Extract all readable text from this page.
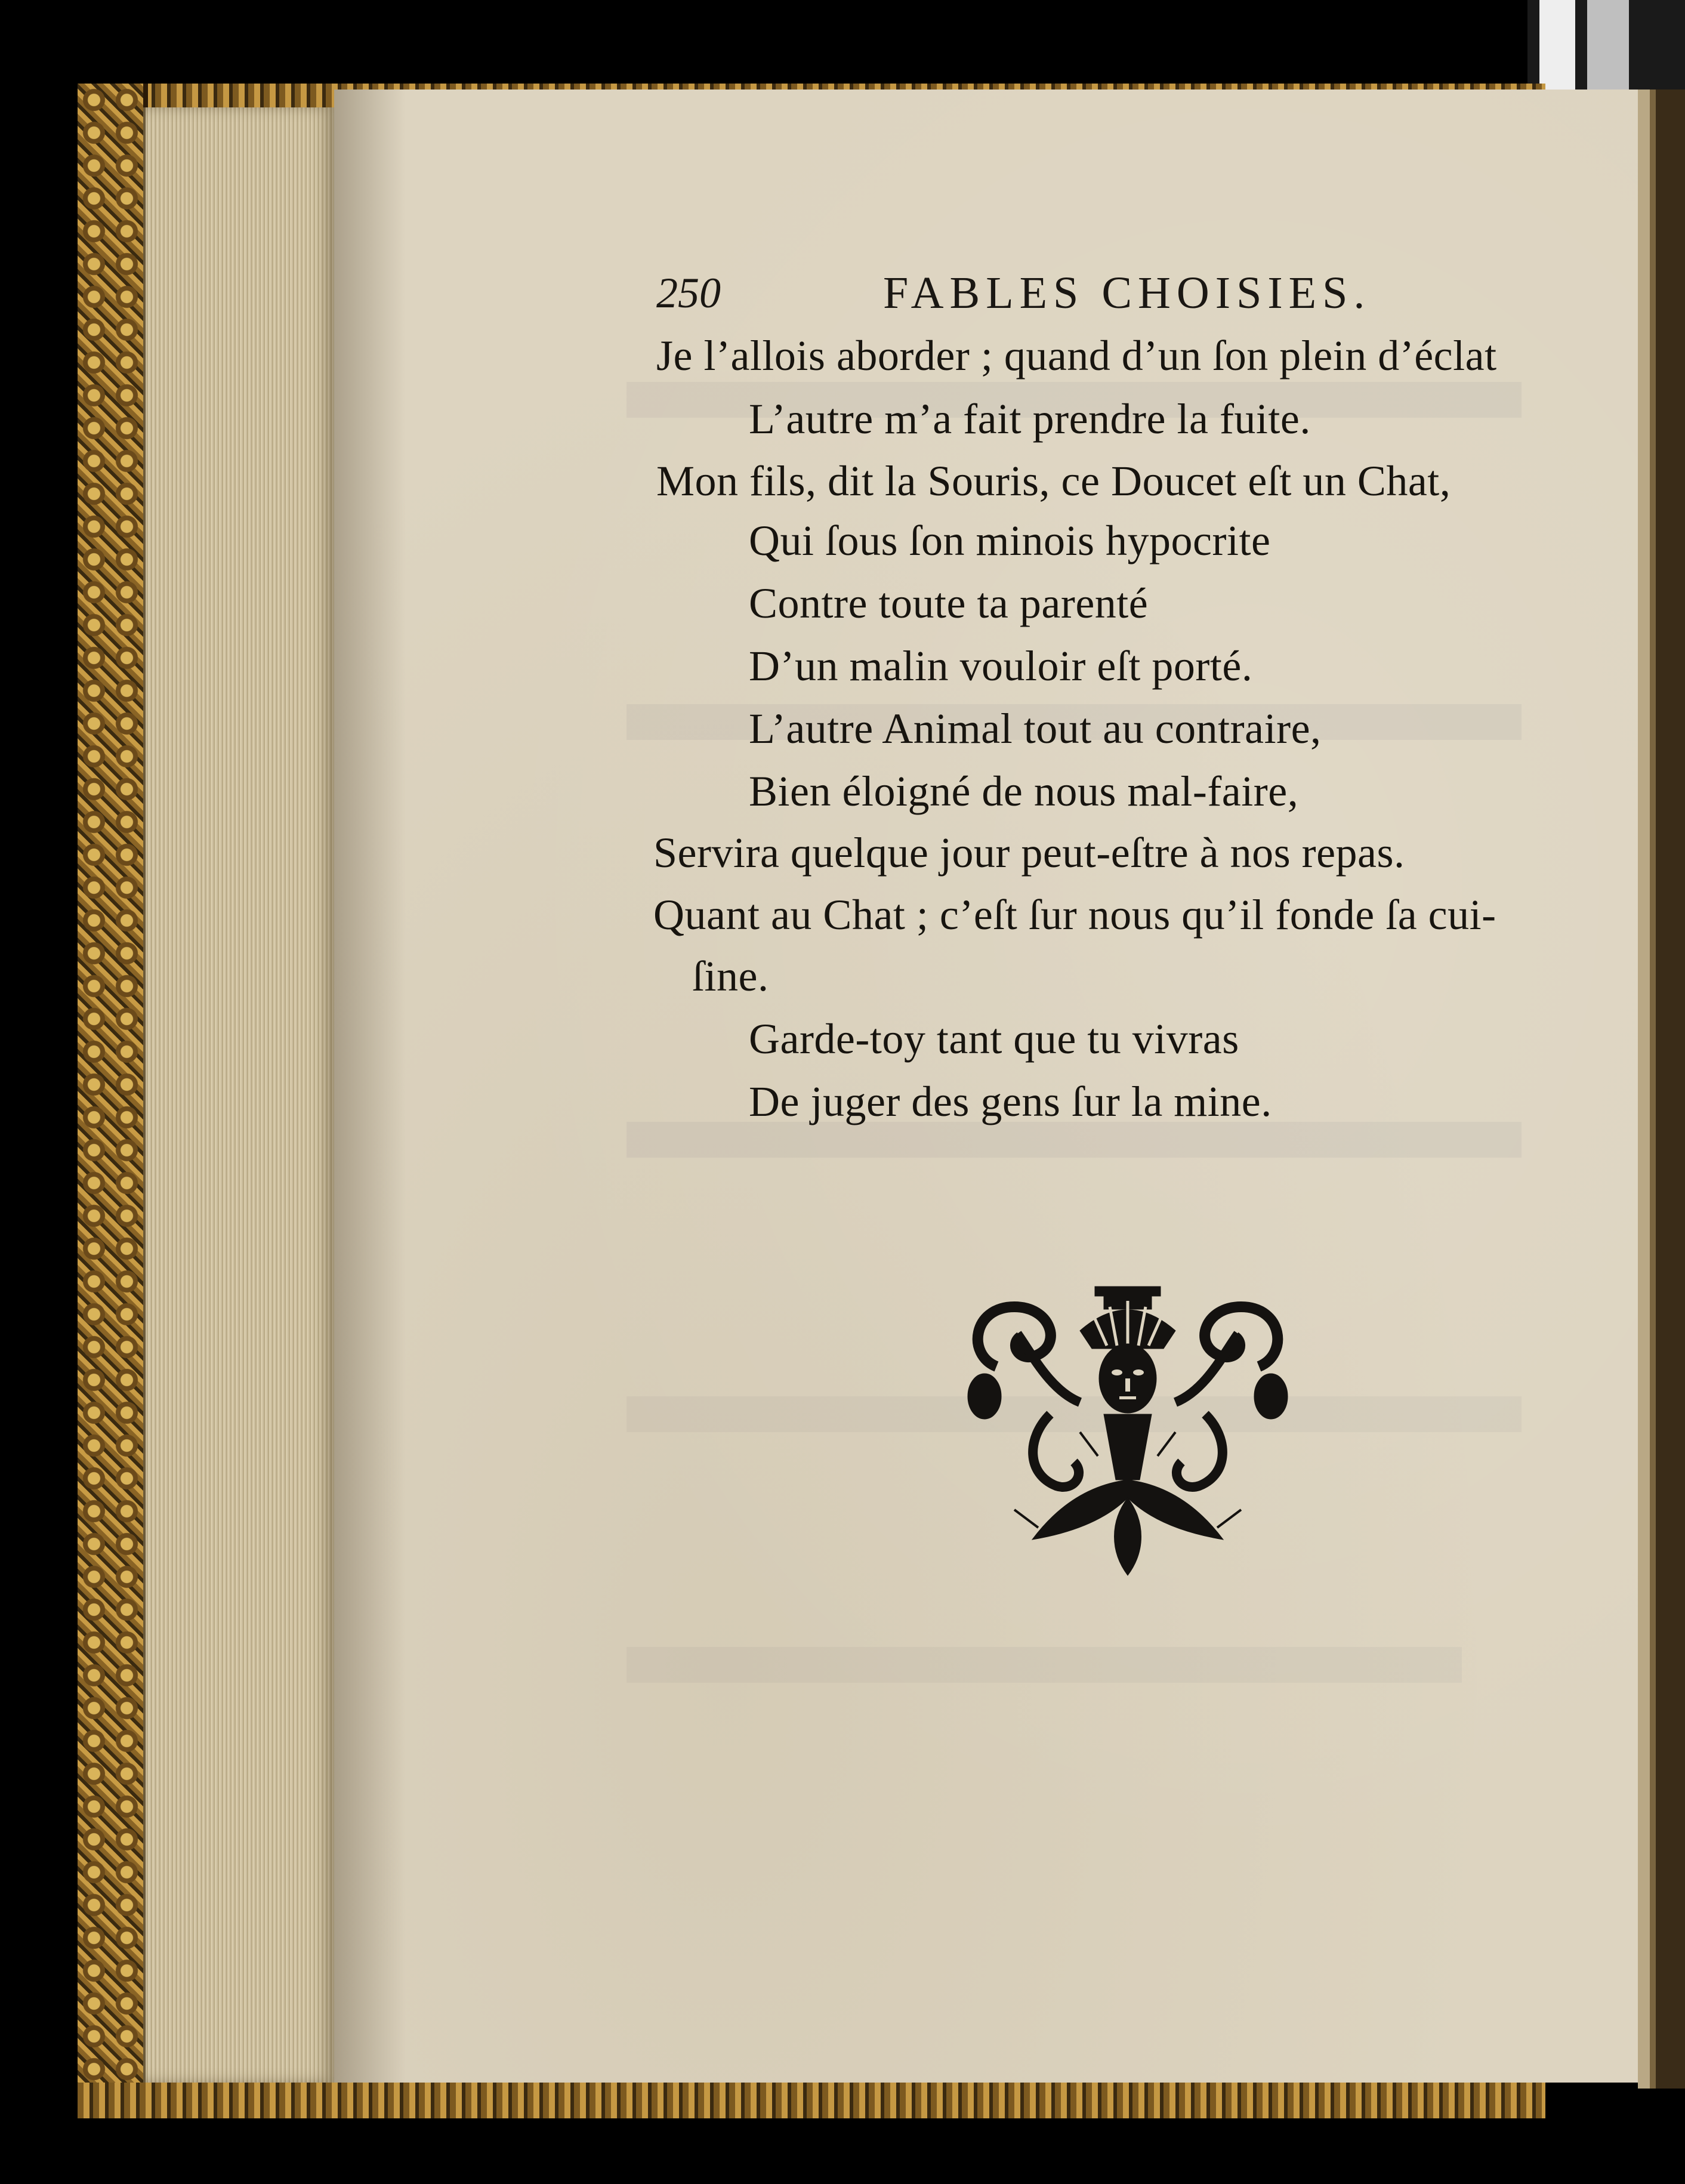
250	FABLES CHOISIES.
Je l’allois aborder ; quand d’un ſon plein d’éclat
L’autre m’a fait prendre la fuite.
Mon fils, dit la Souris, ce Doucet eſt un Chat,
Qui ſous ſon minois hypocrite
Contre toute ta parenté
D’un malin vouloir eſt porté.
L’autre Animal tout au contraire,
Bien éloigné de nous mal-faire,
Servira quelque jour peut-eſtre à nos repas.
Quant au Chat ; c’eſt ſur nous qu’il fonde ſa cui-
ſine.
Garde-toy tant que tu vivras
De juger des gens ſur la mine.
